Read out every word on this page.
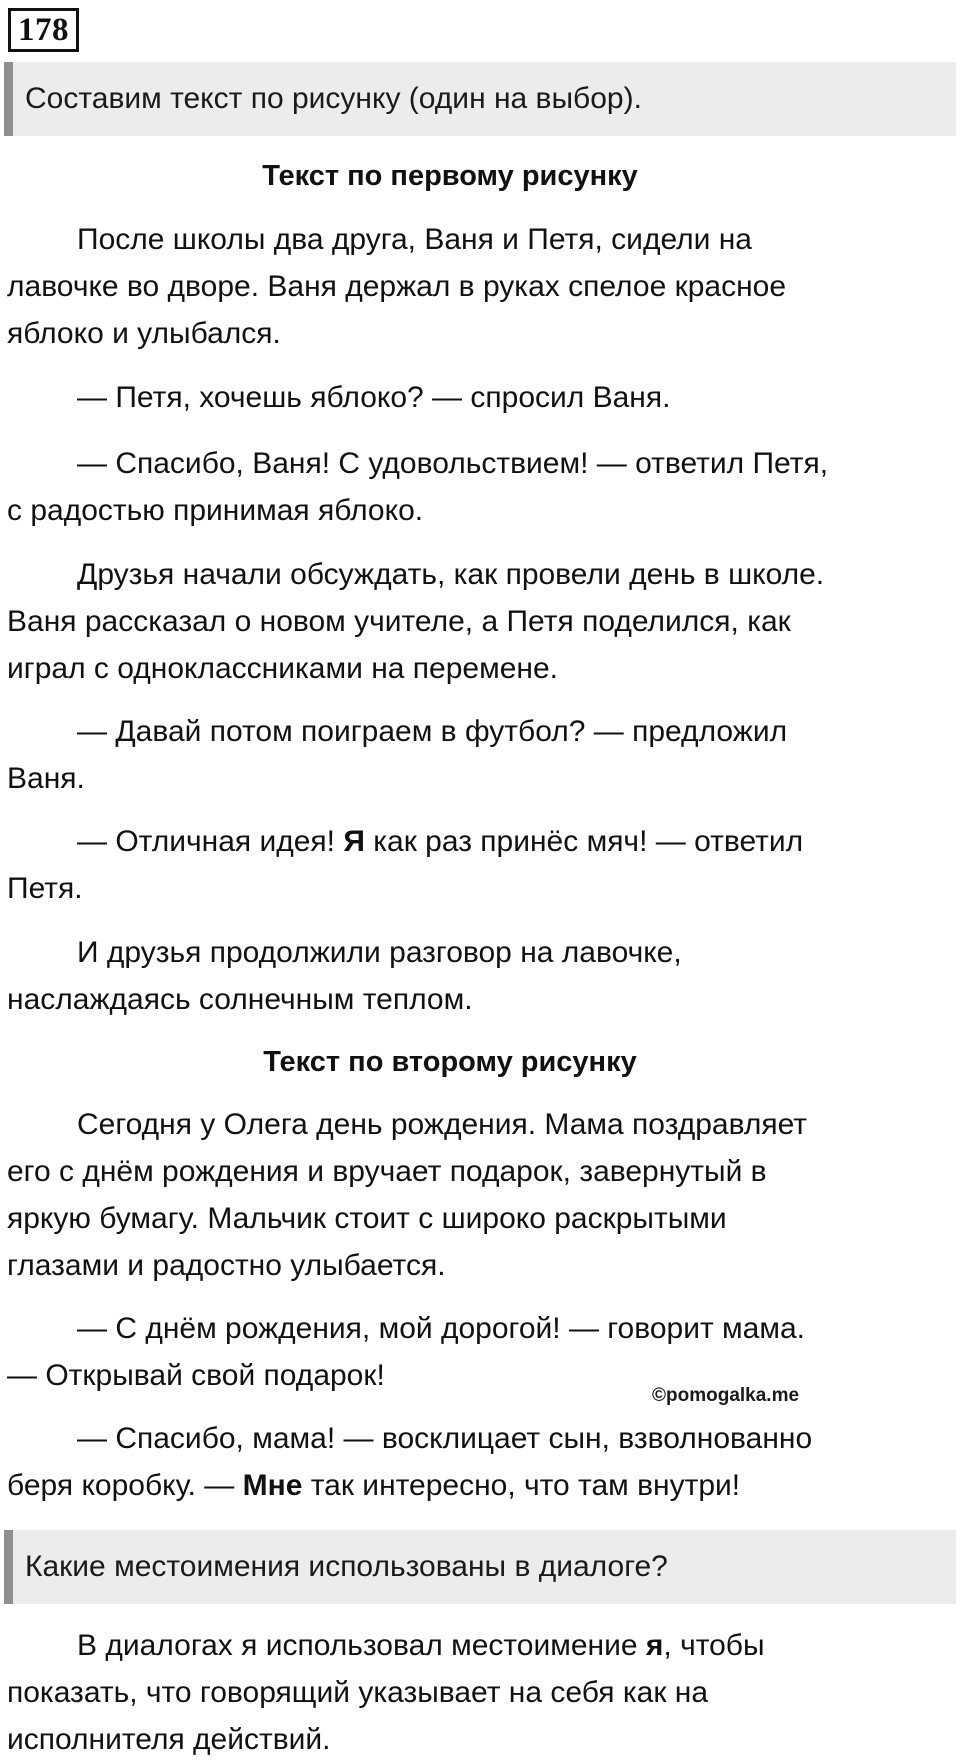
178
Составим текст по рисунку (один на выбор).
Текст по первому рисунку
После школы два друга, Ваня и Петя, сидели на
лавочке во дворе. Ваня держал в руках спелое красное
яблоко и улыбался.
— Петя, хочешь яблоко? — спросил Ваня.
— Спасибо, Ваня! С удовольствием! — ответил Петя,
с радостью принимая яблоко.
Друзья начали обсуждать, как провели день в школе.
Ваня рассказал о новом учителе, а Петя поделился, как
играл с одноклассниками на перемене.
— Давай потом поиграем в футбол? — предложил
Ваня.
— Отличная идея! Я как раз принёс мяч! — ответил
Петя.
И друзья продолжили разговор на лавочке,
наслаждаясь солнечным теплом.
Текст по второму рисунку
Сегодня у Олега день рождения. Мама поздравляет
его с днём рождения и вручает подарок, завернутый в
яркую бумагу. Мальчик стоит с широко раскрытыми
глазами и радостно улыбается.
— С днём рождения, мой дорогой! — говорит мама.
— Открывай свой подарок!
©pomogalka.me
— Спасибо, мама! — восклицает сын, взволнованно
беря коробку. — Мне так интересно, что там внутри!
Какие местоимения использованы в диалоге?
В диалогах я использовал местоимение я, чтобы
показать, что говорящий указывает на себя как на
исполнителя действий.
